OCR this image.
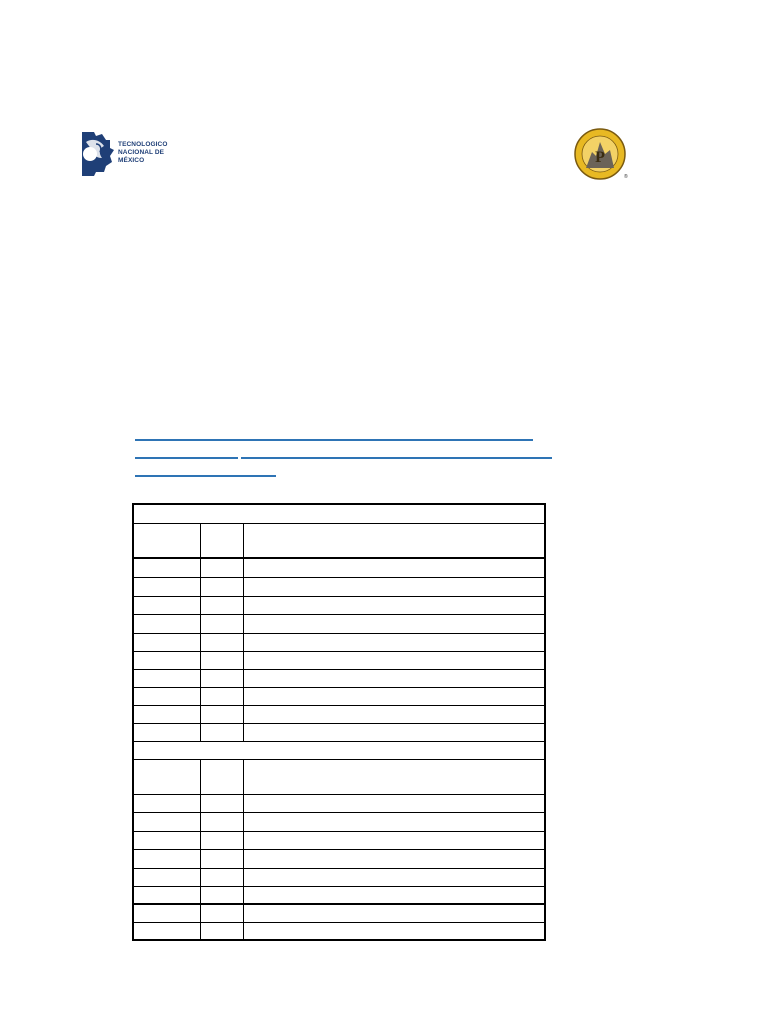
TECNOLOGICO
NACIONAL DE MÉXICO	P
®
